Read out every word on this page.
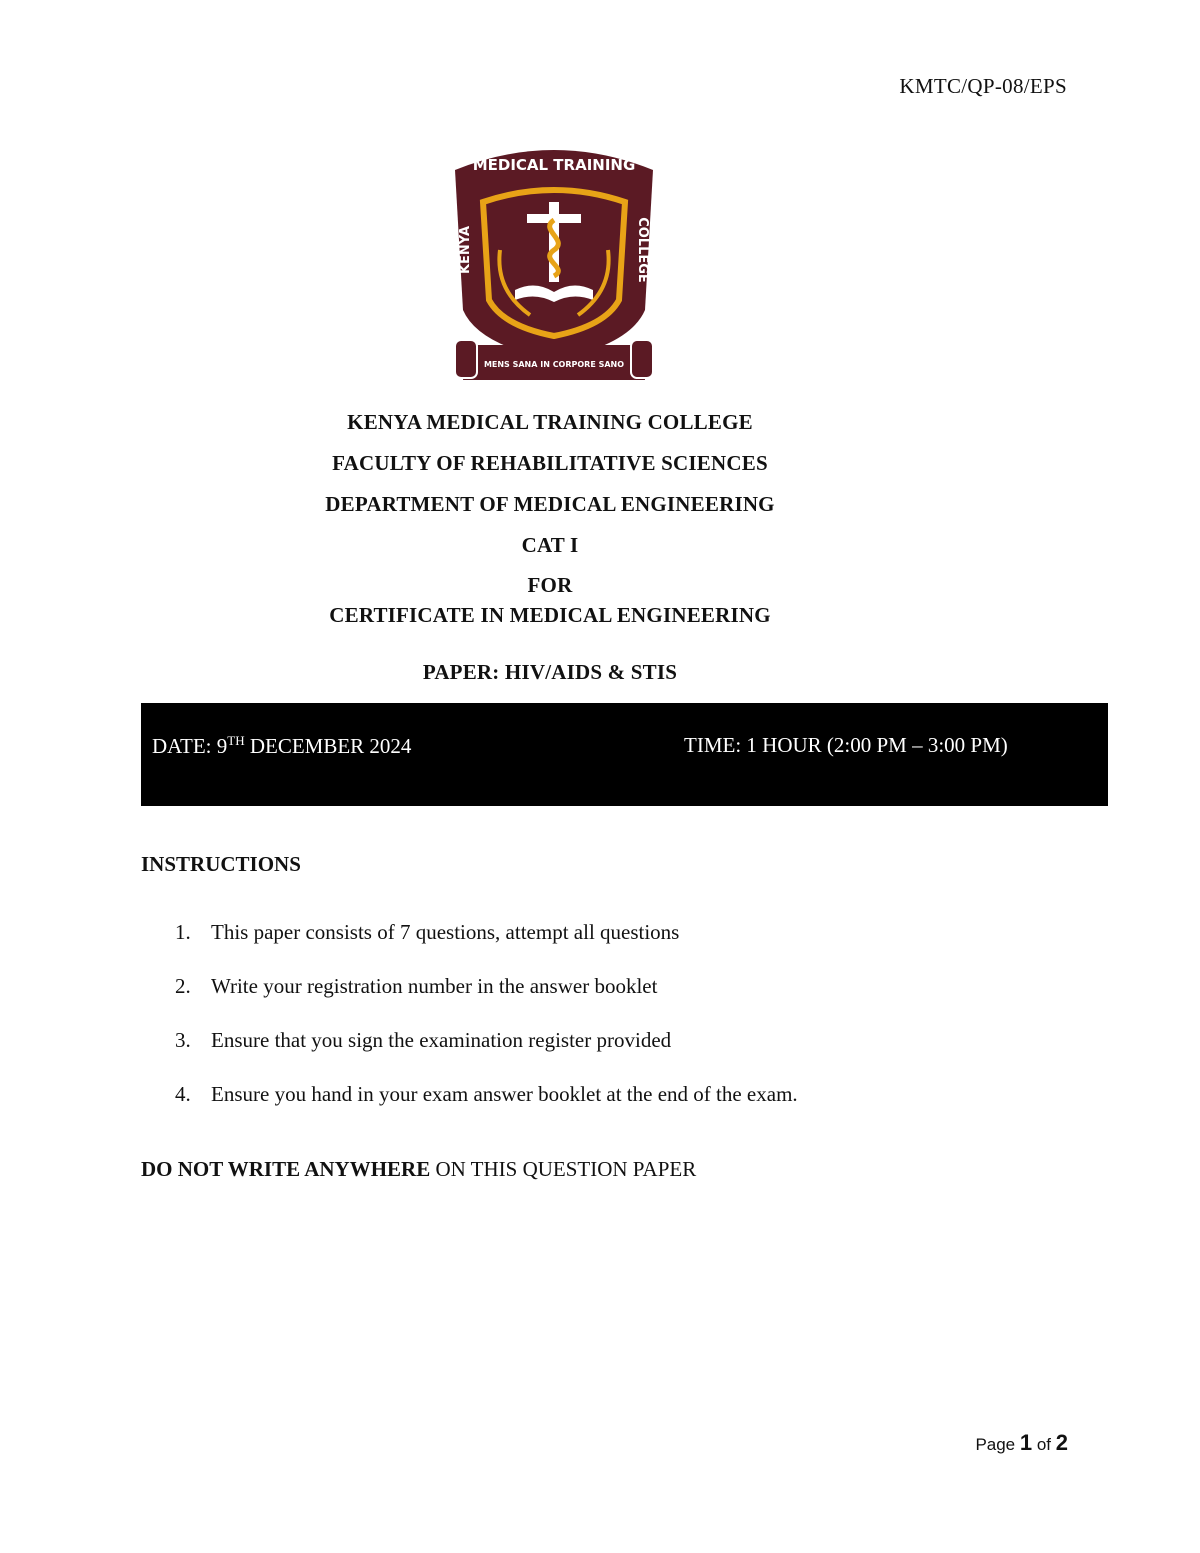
KMTC/QP-08/EPS
MENS SANA IN CORPORE SANO
MEDICAL TRAINING
KENYA	COLLEGE
KENYA MEDICAL TRAINING COLLEGE
FACULTY OF REHABILITATIVE SCIENCES
DEPARTMENT OF MEDICAL ENGINEERING
CAT I
FOR
CERTIFICATE IN MEDICAL ENGINEERING
PAPER: HIV/AIDS & STIS
DATE: 9TH DECEMBER 2024	TIME: 1 HOUR (2:00 PM – 3:00 PM)
INSTRUCTIONS
1. This paper consists of 7 questions, attempt all questions
2. Write your registration number in the answer booklet
3. Ensure that you sign the examination register provided
4. Ensure you hand in your exam answer booklet at the end of the exam.
DO NOT WRITE ANYWHERE ON THIS QUESTION PAPER
Page 1 of 2
